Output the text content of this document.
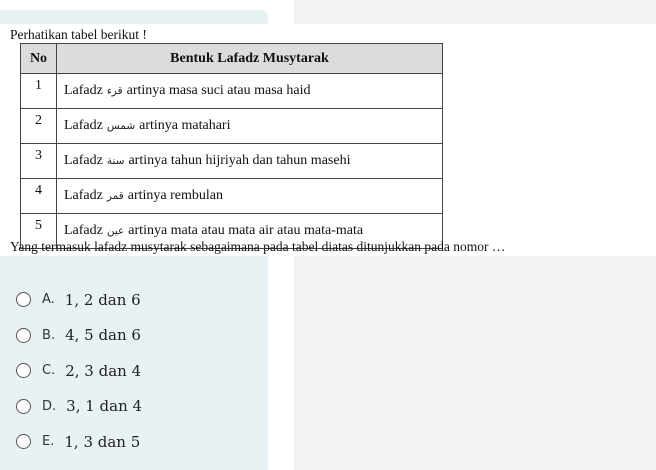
Perhatikan tabel berikut !
No	Bentuk Lafadz Musytarak
1	Lafadz قرء artinya masa suci atau masa haid
2	Lafadz شمس artinya matahari
3	Lafadz سنة artinya tahun hijriyah dan tahun masehi
4	Lafadz قمر artinya rembulan
5	Lafadz عين artinya mata atau mata air atau mata-mata
Yang termasuk lafadz musytarak sebagaimana pada tabel diatas ditunjukkan pada nomor …
A. 1, 2 dan 6
B. 4, 5 dan 6
C. 2, 3 dan 4
D. 3, 1 dan 4
E. 1, 3 dan 5
